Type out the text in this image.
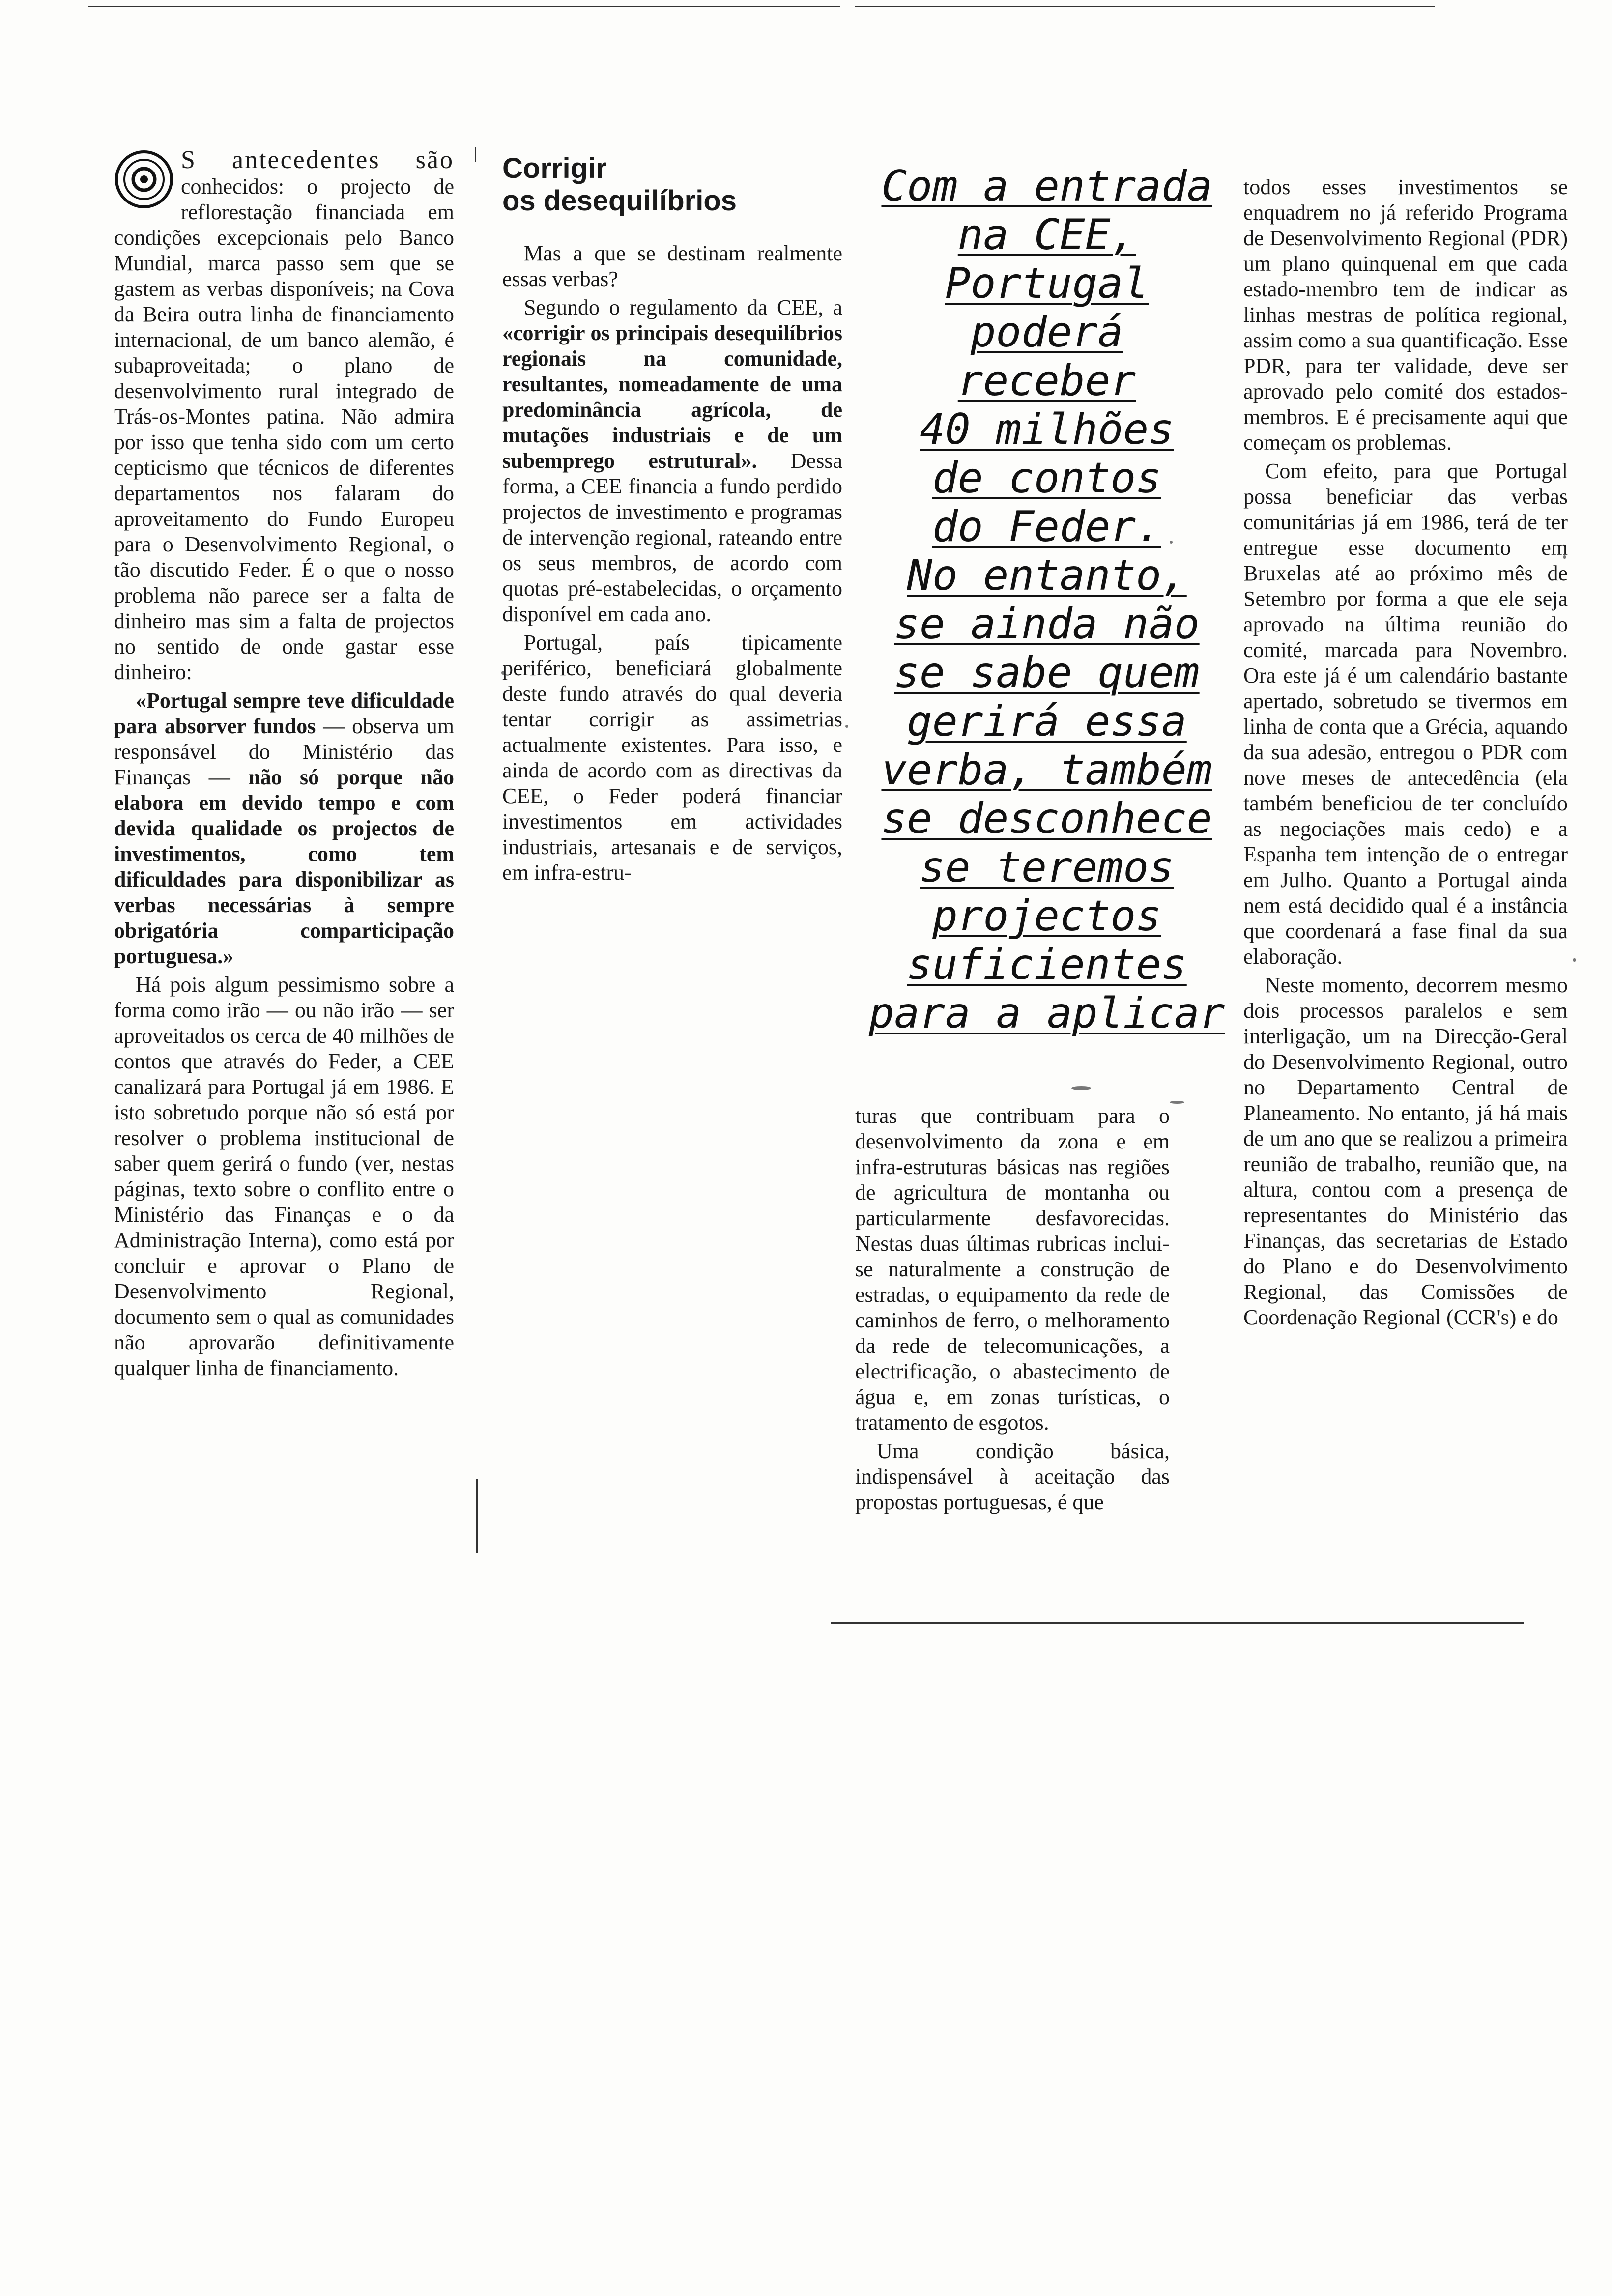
S antecedentes são conhecidos: o projecto de reflorestação financiada em condições excepcionais pelo Banco Mundial, marca passo sem que se gastem as verbas disponíveis; na Cova da Beira outra linha de financiamento internacional, de um banco alemão, é subaproveitada; o plano de desenvolvimento rural integrado de Trás-os-Montes patina. Não admira por isso que tenha sido com um certo cepticismo que técnicos de diferentes departamentos nos falaram do aproveitamento do Fundo Europeu para o Desenvolvimento Regional, o tão discutido Feder. É o que o nosso problema não parece ser a falta de dinheiro mas sim a falta de projectos no sentido de onde gastar esse dinheiro:

«Portugal sempre teve dificuldade para absorver fundos — observa um responsável do Ministério das Finanças — não só porque não elabora em devido tempo e com devida qualidade os projectos de investimentos, como tem dificuldades para disponibilizar as verbas necessárias à sempre obrigatória comparticipação portuguesa.»

Há pois algum pessimismo sobre a forma como irão — ou não irão — ser aproveitados os cerca de 40 milhões de contos que através do Feder, a CEE canalizará para Portugal já em 1986. E isto sobretudo porque não só está por resolver o problema institucional de saber quem gerirá o fundo (ver, nestas páginas, texto sobre o conflito entre o Ministério das Finanças e o da Administração Interna), como está por concluir e aprovar o Plano de Desenvolvimento Regional, documento sem o qual as comunidades não aprovarão definitivamente qualquer linha de financiamento.

Corrigir
os desequilíbrios

Mas a que se destinam realmente essas verbas?

Segundo o regulamento da CEE, a «corrigir os principais desequilíbrios regionais na comunidade, resultantes, nomeadamente de uma predominância agrícola, de mutações industriais e de um subemprego estrutural». Dessa forma, a CEE financia a fundo perdido projectos de investimento e programas de intervenção regional, rateando entre os seus membros, de acordo com quotas pré-estabelecidas, o orçamento disponível em cada ano.

Portugal, país tipicamente periférico, beneficiará globalmente deste fundo através do qual deveria tentar corrigir as assimetrias actualmente existentes. Para isso, e ainda de acordo com as directivas da CEE, o Feder poderá financiar investimentos em actividades industriais, artesanais e de serviços, em infra-estru-

Com a entrada
na CEE,
Portugal
poderá
receber
40 milhões
de contos
do Feder.
No entanto,
se ainda não
se sabe quem
gerirá essa
verba, também
se desconhece
se teremos
projectos
suficientes
para a aplicar

turas que contribuam para o desenvolvimento da zona e em infra-estruturas básicas nas regiões de agricultura de montanha ou particularmente desfavorecidas. Nestas duas últimas rubricas inclui-se naturalmente a construção de estradas, o equipamento da rede de caminhos de ferro, o melhoramento da rede de telecomunicações, a electrificação, o abastecimento de água e, em zonas turísticas, o tratamento de esgotos.

Uma condição básica, indispensável à aceitação das propostas portuguesas, é que

todos esses investimentos se enquadrem no já referido Programa de Desenvolvimento Regional (PDR) um plano quinquenal em que cada estado-membro tem de indicar as linhas mestras de política regional, assim como a sua quantificação. Esse PDR, para ter validade, deve ser aprovado pelo comité dos estados-membros. E é precisamente aqui que começam os problemas.

Com efeito, para que Portugal possa beneficiar das verbas comunitárias já em 1986, terá de ter entregue esse documento em Bruxelas até ao próximo mês de Setembro por forma a que ele seja aprovado na última reunião do comité, marcada para Novembro. Ora este já é um calendário bastante apertado, sobretudo se tivermos em linha de conta que a Grécia, aquando da sua adesão, entregou o PDR com nove meses de antecedência (ela também beneficiou de ter concluído as negociações mais cedo) e a Espanha tem intenção de o entregar em Julho. Quanto a Portugal ainda nem está decidido qual é a instância que coordenará a fase final da sua elaboração.

Neste momento, decorrem mesmo dois processos paralelos e sem interligação, um na Direcção-Geral do Desenvolvimento Regional, outro no Departamento Central de Planeamento. No entanto, já há mais de um ano que se realizou a primeira reunião de trabalho, reunião que, na altura, contou com a presença de representantes do Ministério das Finanças, das secretarias de Estado do Plano e do Desenvolvimento Regional, das Comissões de Coordenação Regional (CCR's) e do
